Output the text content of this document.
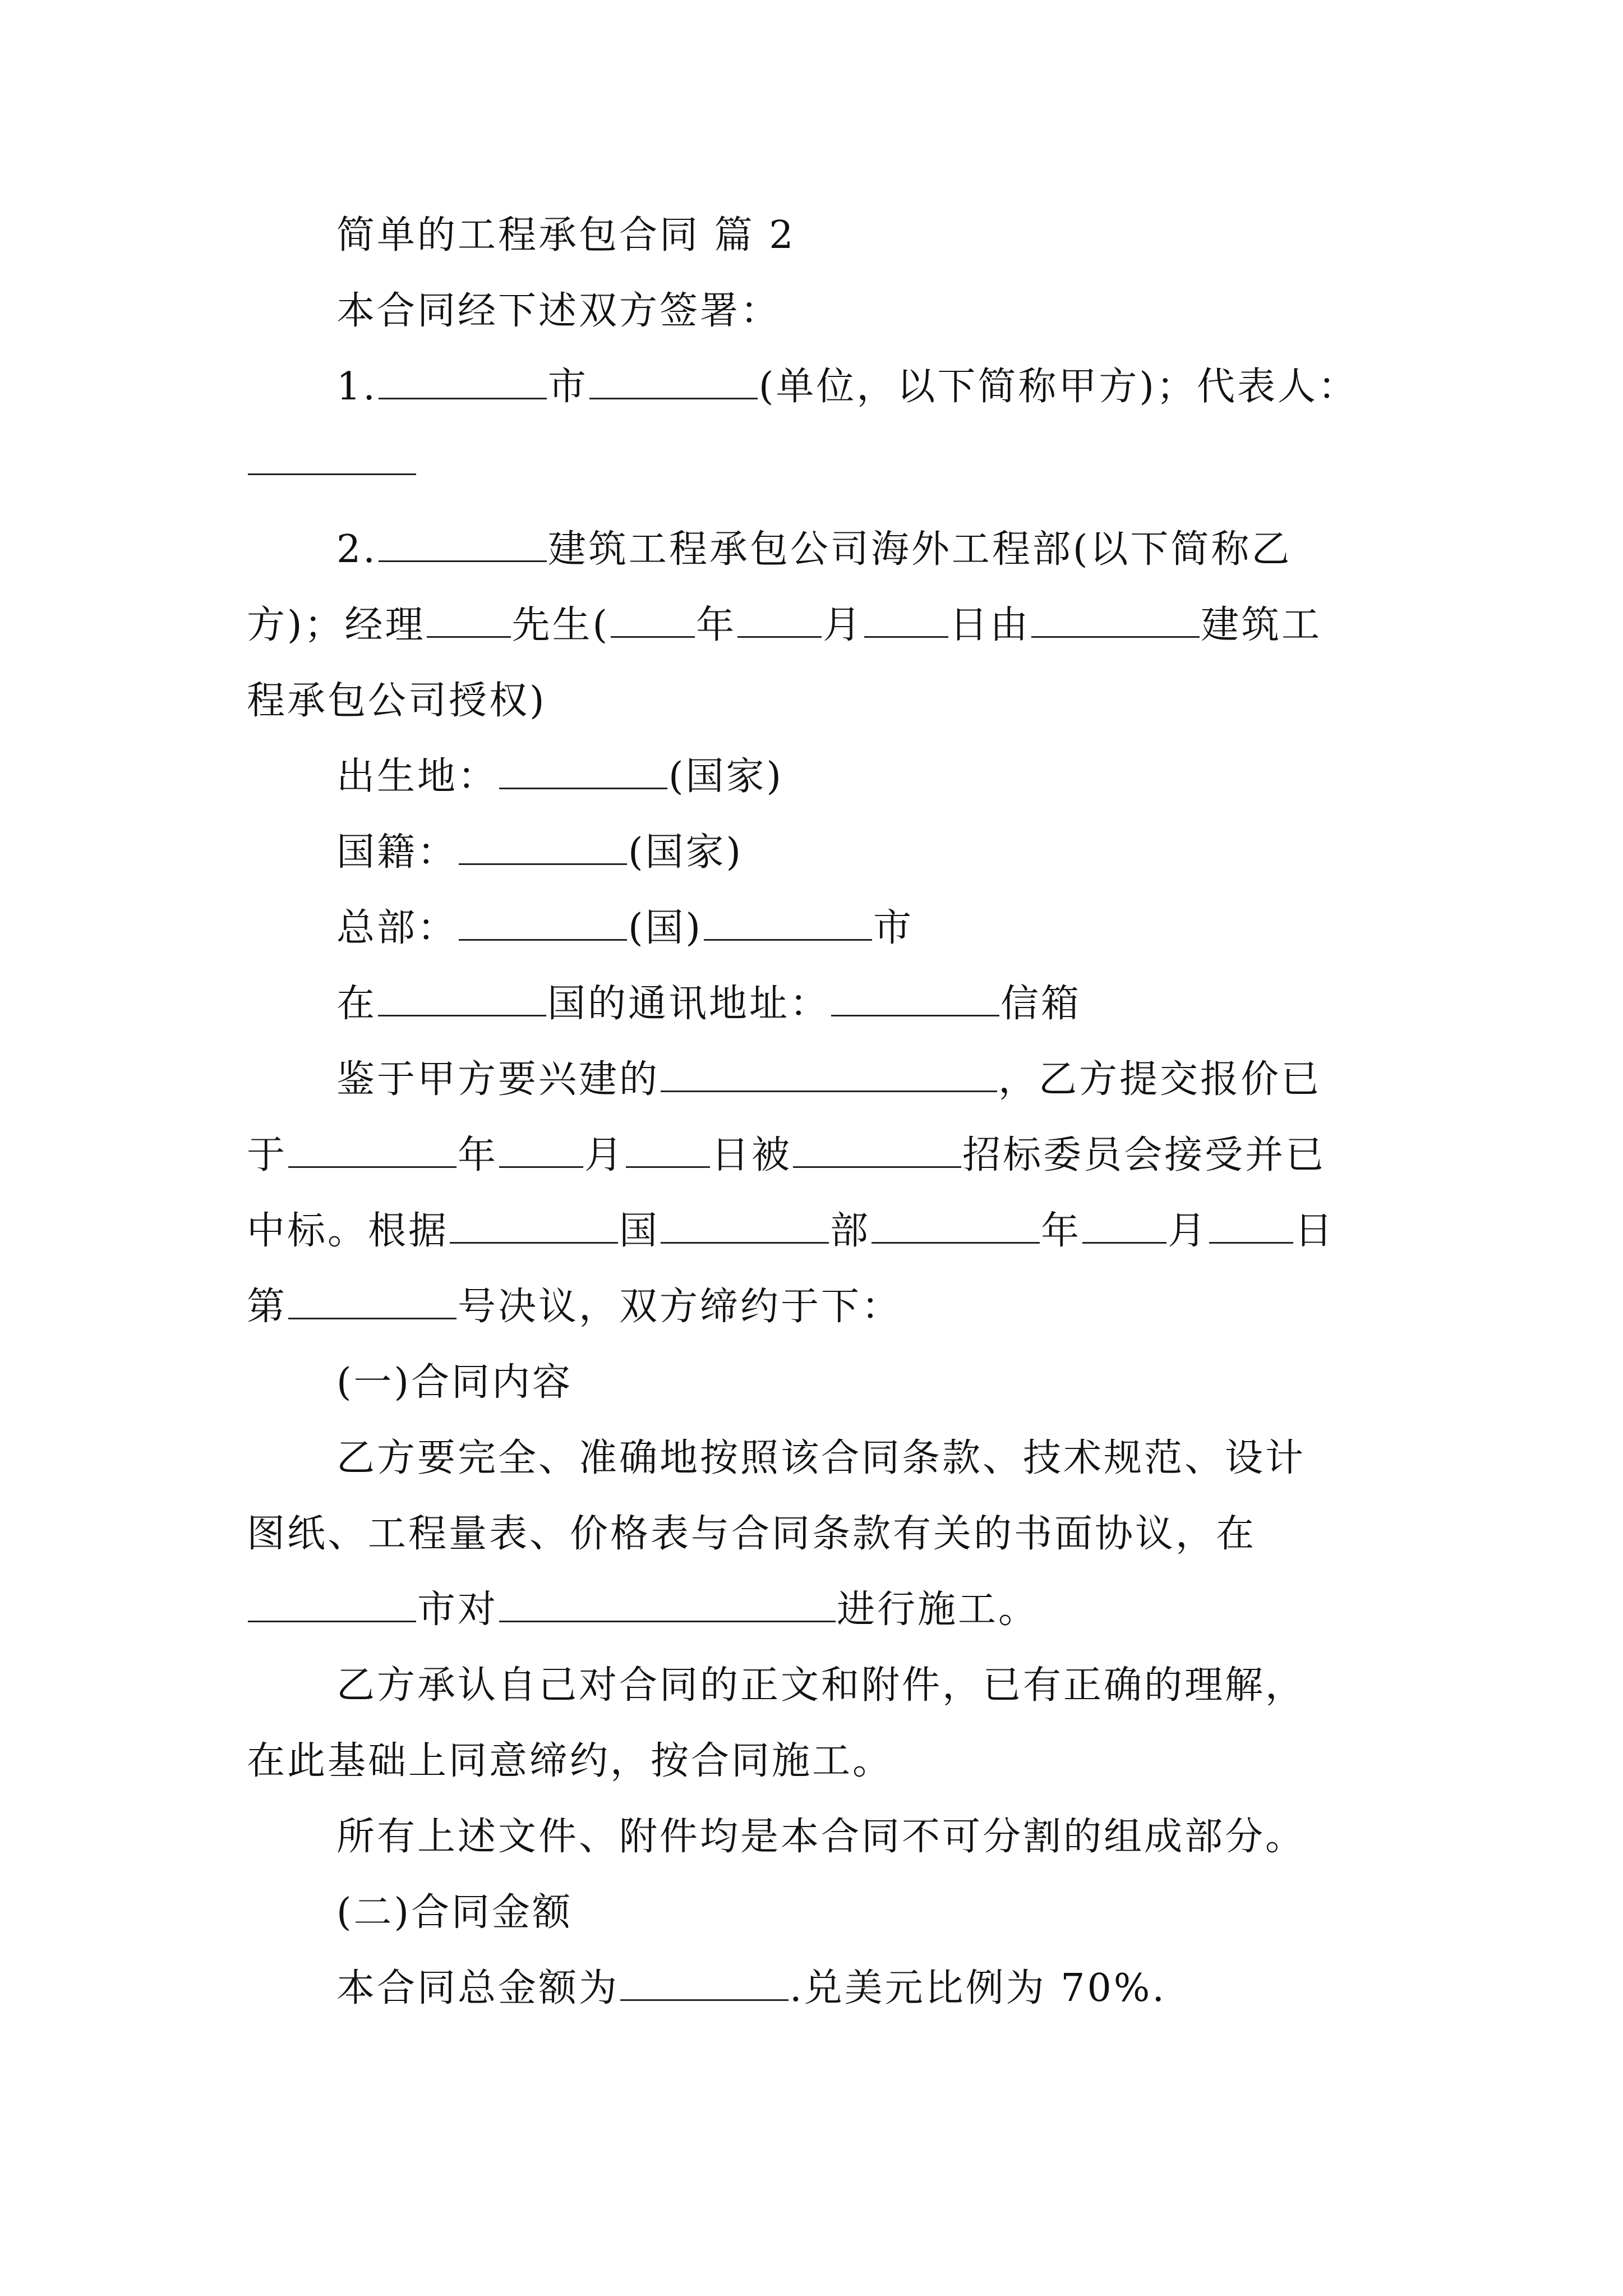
简单的工程承包合同 篇 2
本合同经下述双方签署：
1.	市	(单位，以下简称甲方)；代表人：
2.	建筑工程承包公司海外工程部(以下简称乙
方)；经理 先生( 年 月 日由	建筑工
程承包公司授权)
出生地：	(国家)
国籍：	(国家)
总部：	(国)	市
在	国的通讯地址：	信箱
鉴于甲方要兴建的	，乙方提交报价已
于	年 月 日被	招标委员会接受并已
中标。根据	国	部	年 月 日
第	号决议，双方缔约于下：
(一)合同内容
乙方要完全、准确地按照该合同条款、技术规范、设计
图纸、工程量表、价格表与合同条款有关的书面协议，在
市对	进行施工。
乙方承认自己对合同的正文和附件，已有正确的理解，
在此基础上同意缔约，按合同施工。
所有上述文件、附件均是本合同不可分割的组成部分。
(二)合同金额
本合同总金额为	.兑美元比例为 70%.
